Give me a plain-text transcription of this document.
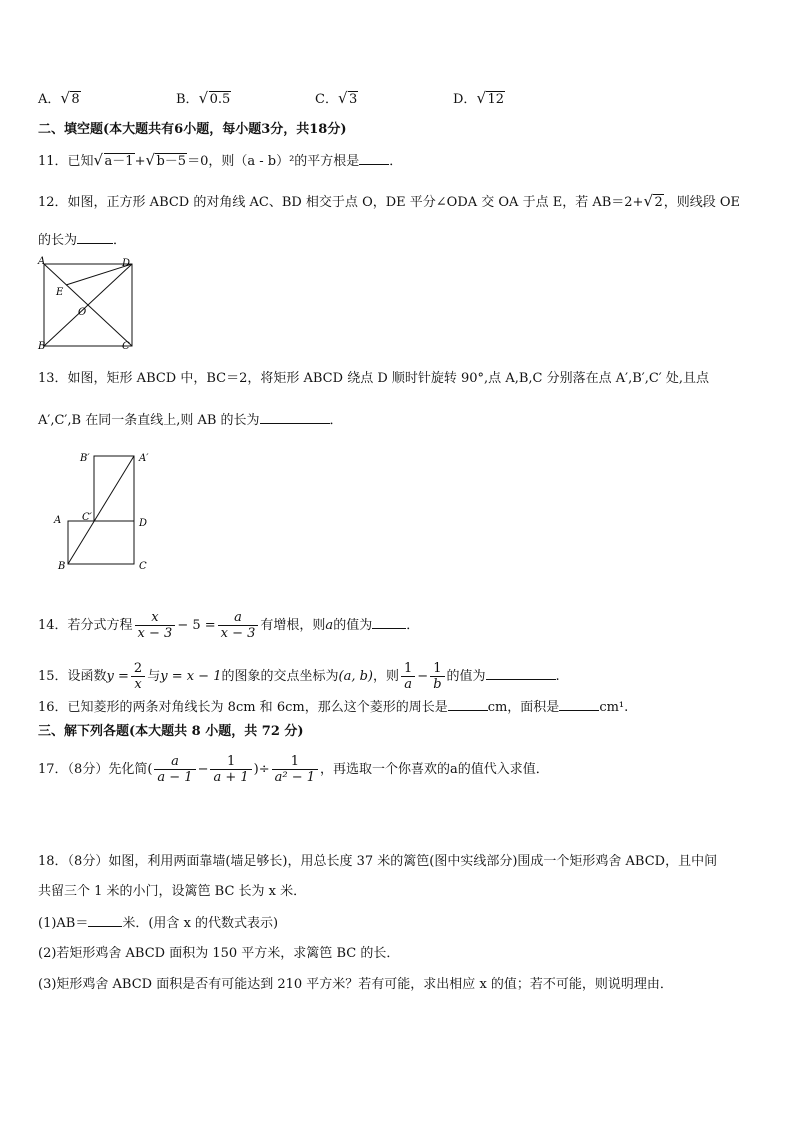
A． √ 8	B． √ 0.5	C． √ 3	D． √ 12
二、填空题(本大题共有6小题，每小题3分，共18分)
11．已知 √ a－1+ √ b－5＝0，则（a - b）²的平方根是 ．
12．如图，正方形 ABCD 的对角线 AC、BD 相交于点 O，DE 平分∠ODA 交 OA 于点 E，若 AB＝2+ √ 2，则线段 OE
的长为	．
A	D
B	C
E
O
13．如图，矩形 ABCD 中，BC＝2，将矩形 ABCD 绕点 D 顺时针旋转 90°,点 A,B,C 分别落在点 A′,B′,C′ 处,且点
A′,C′,B 在同一条直线上,则 AB 的长为	．
B′	A′
A C′
D
B	C
14．若分式方程 $\frac{x}{x - 3} - 5 = \frac{a}{x - 3}$ 有增根，则a的值为	．
15．设函数$y = \frac{2}{x}$ 与y = x − 1的图象的交点坐标为(a, b)，则 $\frac{1}{a} - \frac{1}{b}$ 的值为	.
16．已知菱形的两条对角线长为 8cm 和 6cm，那么这个菱形的周长是	cm，面积是	cm¹.
三、解下列各题(本大题共 8 小题，共 72 分)
17．（8分）先化简( $\frac{a}{a - 1} - \frac{1}{a + 1}$ )÷ $\frac{1}{\text{a² − 1}}$ ，再选取一个你喜欢的a的值代入求值．
18．（8分）如图，利用两面靠墙(墙足够长)，用总长度 37 米的篱笆(图中实线部分)围成一个矩形鸡舍 ABCD，且中间
共留三个 1 米的小门，设篱笆 BC 长为 x 米．
(1)AB＝	米．(用含 x 的代数式表示)
(2)若矩形鸡舍 ABCD 面积为 150 平方米，求篱笆 BC 的长．
(3)矩形鸡舍 ABCD 面积是否有可能达到 210 平方米？若有可能，求出相应 x 的值；若不可能，则说明理由．
